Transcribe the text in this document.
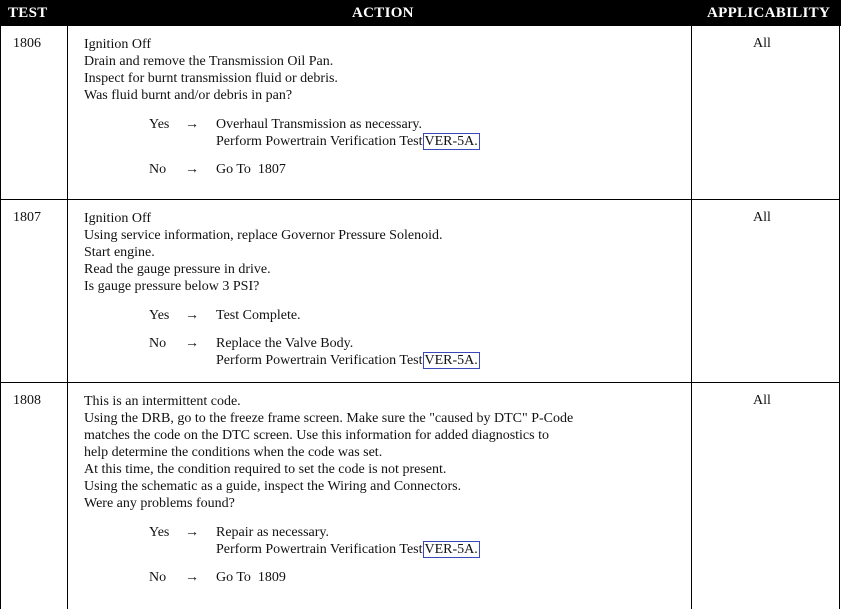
TEST	ACTION	APPLICABILITY
1806	Ignition Off
Drain and remove the Transmission Oil Pan.
Inspect for burnt transmission fluid or debris.
Was fluid burnt and/or debris in pan?
Yes → Overhaul Transmission as necessary.
Perform Powertrain Verification Test VER-5A.
No → Go To  1807
All
1807	Ignition Off
Using service information, replace Governor Pressure Solenoid.
Start engine.
Read the gauge pressure in drive.
Is gauge pressure below 3 PSI?
Yes → Test Complete.
No → Replace the Valve Body.
Perform Powertrain Verification Test VER-5A.
All
1808	This is an intermittent code.
Using the DRB, go to the freeze frame screen. Make sure the "caused by DTC" P-Code
matches the code on the DTC screen. Use this information for added diagnostics to
help determine the conditions when the code was set.
At this time, the condition required to set the code is not present.
Using the schematic as a guide, inspect the Wiring and Connectors.
Were any problems found?
Yes → Repair as necessary.
Perform Powertrain Verification Test VER-5A.
No → Go To  1809
All
